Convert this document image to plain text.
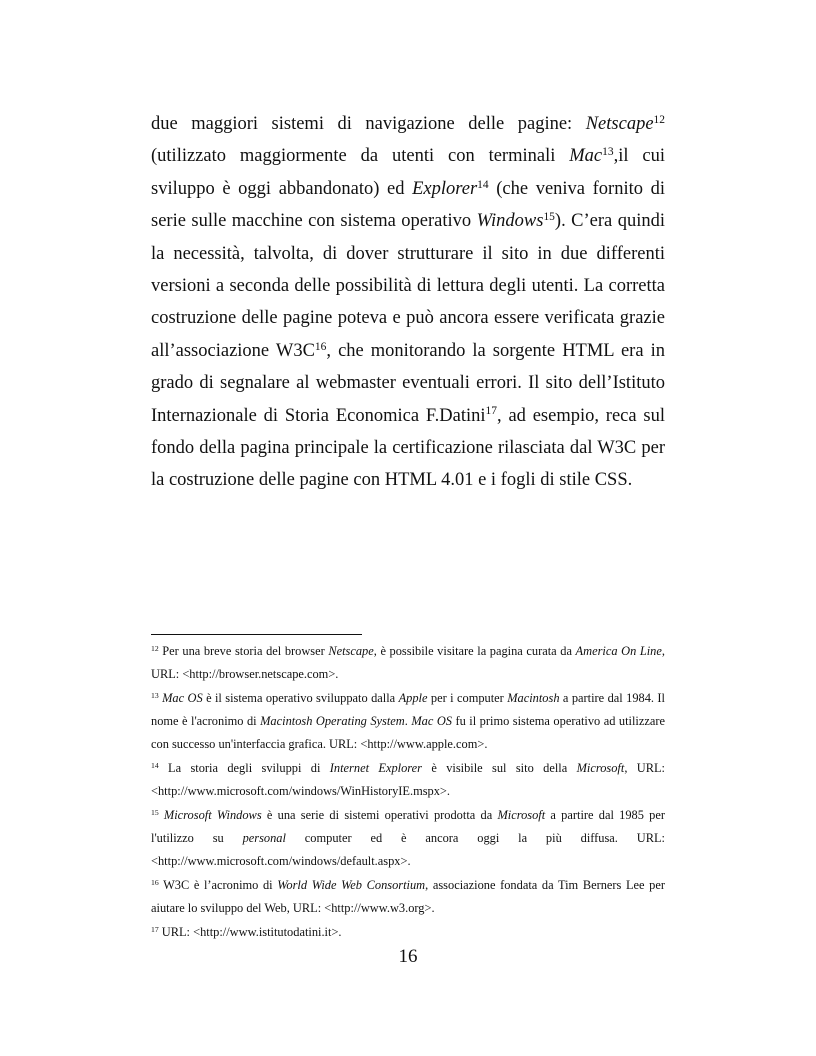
due maggiori sistemi di navigazione delle pagine: Netscape$^{12}$ (utilizzato maggiormente da utenti con terminali Mac$^{13}$,il cui sviluppo è oggi abbandonato) ed Explorer$^{14}$ (che veniva fornito di serie sulle macchine con sistema operativo Windows$^{15}$). C’era quindi la necessità, talvolta, di dover strutturare il sito in due differenti versioni a seconda delle possibilità di lettura degli utenti. La corretta costruzione delle pagine poteva e può ancora essere verificata grazie all’associazione $W3C^{16}$, che monitorando la sorgente HTML era in grado di segnalare al webmaster eventuali errori. Il sito dell’Istituto Internazionale di Storia Economica F.Datini$^{17}$, ad esempio, reca sul fondo della pagina principale la certificazione rilasciata dal W3C per la costruzione delle pagine con HTML 4.01 e i fogli di stile CSS.

$^{12}$ Per una breve storia del browser Netscape, è possibile visitare la pagina curata da America On Line, URL: <http://browser.netscape.com>.

$^{13}$ Mac OS è il sistema operativo sviluppato dalla Apple per i computer Macintosh a partire dal 1984. Il nome è l'acronimo di Macintosh Operating System. Mac OS fu il primo sistema operativo ad utilizzare con successo un'interfaccia grafica. URL: <http://www.apple.com>.

$^{14}$ La storia degli sviluppi di Internet Explorer è visibile sul sito della Microsoft, URL: <http://www.microsoft.com/windows/WinHistoryIE.mspx>.

$^{15}$ Microsoft Windows è una serie di sistemi operativi prodotta da Microsoft a partire dal 1985 per l'utilizzo su personal computer ed è ancora oggi la più diffusa. URL: <http://www.microsoft.com/windows/default.aspx>.

$^{16}$ W3C è l’acronimo di World Wide Web Consortium, associazione fondata da Tim Berners Lee per aiutare lo sviluppo del Web, URL: <http://www.w3.org>.

$^{17}$ URL: <http://www.istitutodatini.it>.

16
